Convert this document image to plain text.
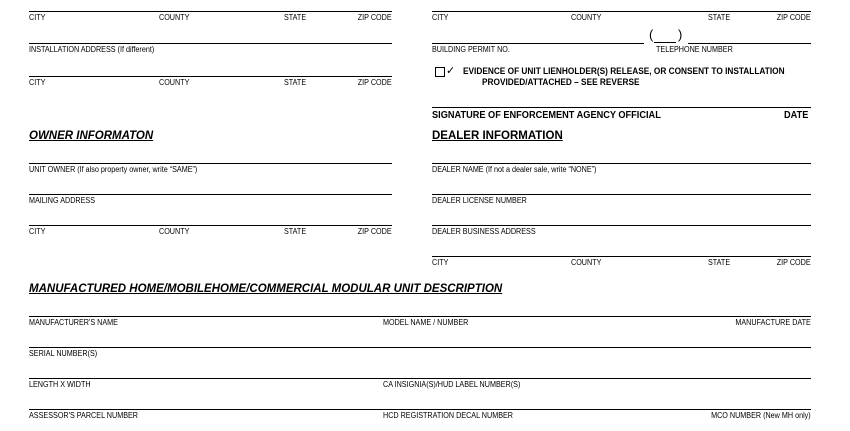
CITY	COUNTY	STATE	ZIP CODE
INSTALLATION ADDRESS (If different)
CITY	COUNTY	STATE	ZIP CODE
OWNER INFORMATON
UNIT OWNER (If also property owner, write “SAME”)
MAILING ADDRESS
CITY	COUNTY	STATE	ZIP CODE
CITY	COUNTY	STATE	ZIP CODE
BUILDING PERMIT NO.
( )
TELEPHONE NUMBER
✓ EVIDENCE OF UNIT LIENHOLDER(S) RELEASE, OR CONSENT TO INSTALLATION
PROVIDED/ATTACHED – SEE REVERSE
SIGNATURE OF ENFORCEMENT AGENCY OFFICIAL	DATE
DEALER INFORMATION
DEALER NAME (If not a dealer sale, write “NONE”)
DEALER LICENSE NUMBER
DEALER BUSINESS ADDRESS
CITY	COUNTY	STATE	ZIP CODE
MANUFACTURED HOME/MOBILEHOME/COMMERCIAL MODULAR UNIT DESCRIPTION
MANUFACTURER'S NAME	MODEL NAME / NUMBER	MANUFACTURE DATE
SERIAL NUMBER(S)
LENGTH X WIDTH	CA INSIGNIA(S)/HUD LABEL NUMBER(S)
ASSESSOR'S PARCEL NUMBER	HCD REGISTRATION DECAL NUMBER	MCO NUMBER (New MH only)
